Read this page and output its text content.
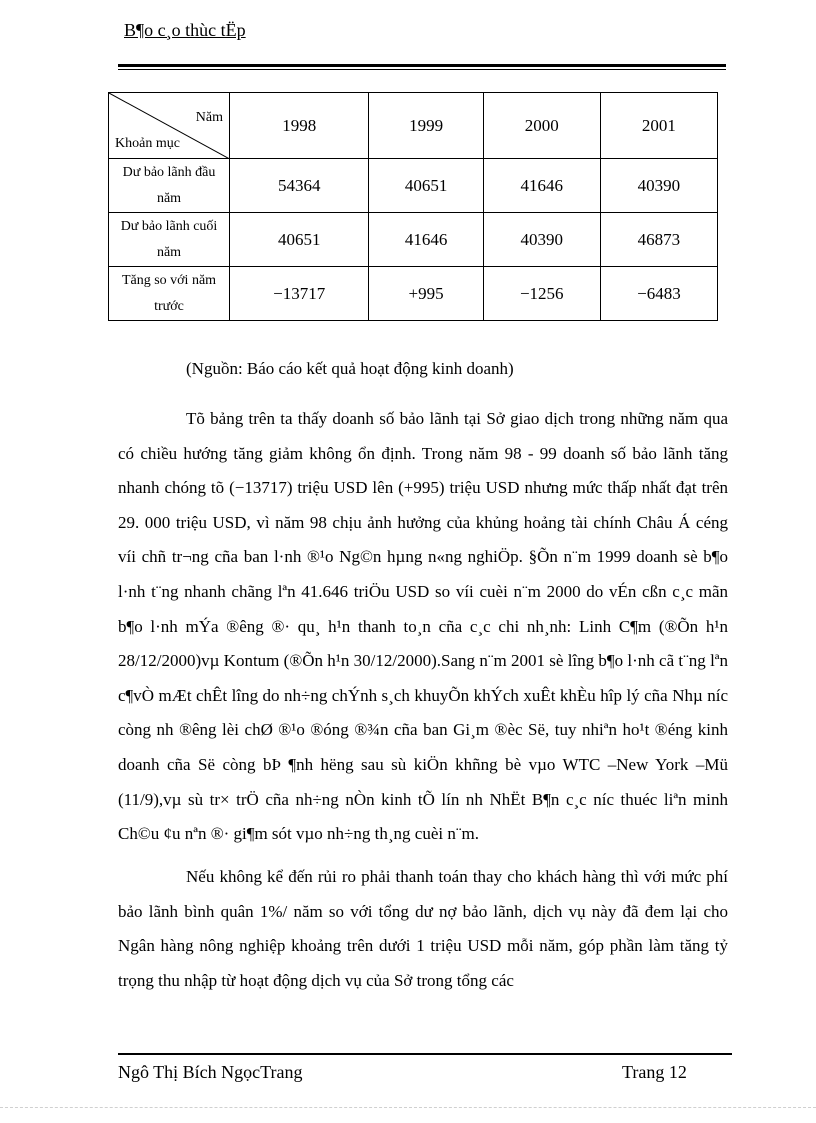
B¶o c¸o thùc tËp
Năm
Khoản mục	1998	1999	2000	2001
Dư bảo lãnh đầu
năm	54364	40651	41646	40390
Dư bảo lãnh cuối
năm	40651	41646	40390	46873
Tăng so với năm
trước	−13717	+995	−1256	−6483
(Nguồn: Báo cáo kết quả hoạt động kinh doanh)
Tõ bảng trên ta thấy doanh số bảo lãnh tại Sở giao dịch trong những năm qua có chiều hướng tăng giảm không ổn định. Trong năm 98 - 99 doanh số bảo lãnh tăng nhanh chóng tõ (−13717) triệu USD lên (+995) triệu USD nhưng mức thấp nhất đạt trên 29. 000 triệu USD, vì năm 98 chịu ảnh hưởng của khủng hoảng tài chính Châu Á céng víi chñ tr¬ng cña ban l·nh ®¹o Ng©n hµng n«ng nghiÖp. §Õn n¨m 1999 doanh sè b¶o l·nh t¨ng nhanh chãng lªn 41.646 triÖu USD so víi cuèi n¨m 2000 do vÉn cßn c¸c mãn b¶o l·nh mÝa ®êng ®· qu¸ h¹n thanh to¸n cña c¸c chi nh¸nh: Linh C¶m (®Õn h¹n 28/12/2000)vµ Kontum (®Õn h¹n 30/12/2000).Sang n¨m 2001 sè lîng b¶o l·nh cã t¨ng lªn c¶vÒ mÆt chÊt lîng do nh÷ng chÝnh s¸ch khuyÕn khÝch xuÊt khÈu hîp lý cña Nhµ níc còng nh ®êng lèi chØ ®¹o ®óng ®¾n cña ban Gi¸m ®èc Së, tuy nhiªn ho¹t ®éng kinh doanh cña Së còng bÞ ¶nh hëng sau sù kiÖn khñng bè vµo WTC –New York –Mü (11/9),vµ sù tr× trÖ cña nh÷ng nÒn kinh tÕ lín nh NhËt B¶n c¸c níc thuéc liªn minh Ch©u ¢u nªn ®· gi¶m sót vµo nh÷ng th¸ng cuèi n¨m.
Nếu không kể đến rủi ro phải thanh toán thay cho khách hàng thì với mức phí bảo lãnh bình quân 1%/ năm so với tổng dư nợ bảo lãnh, dịch vụ này đã đem lại cho Ngân hàng nông nghiệp khoảng trên dưới 1 triệu USD mỗi năm, góp phần làm tăng tỷ trọng thu nhập từ hoạt động dịch vụ của Sở trong tổng các
Ngô Thị Bích NgọcTrang	Trang 12
